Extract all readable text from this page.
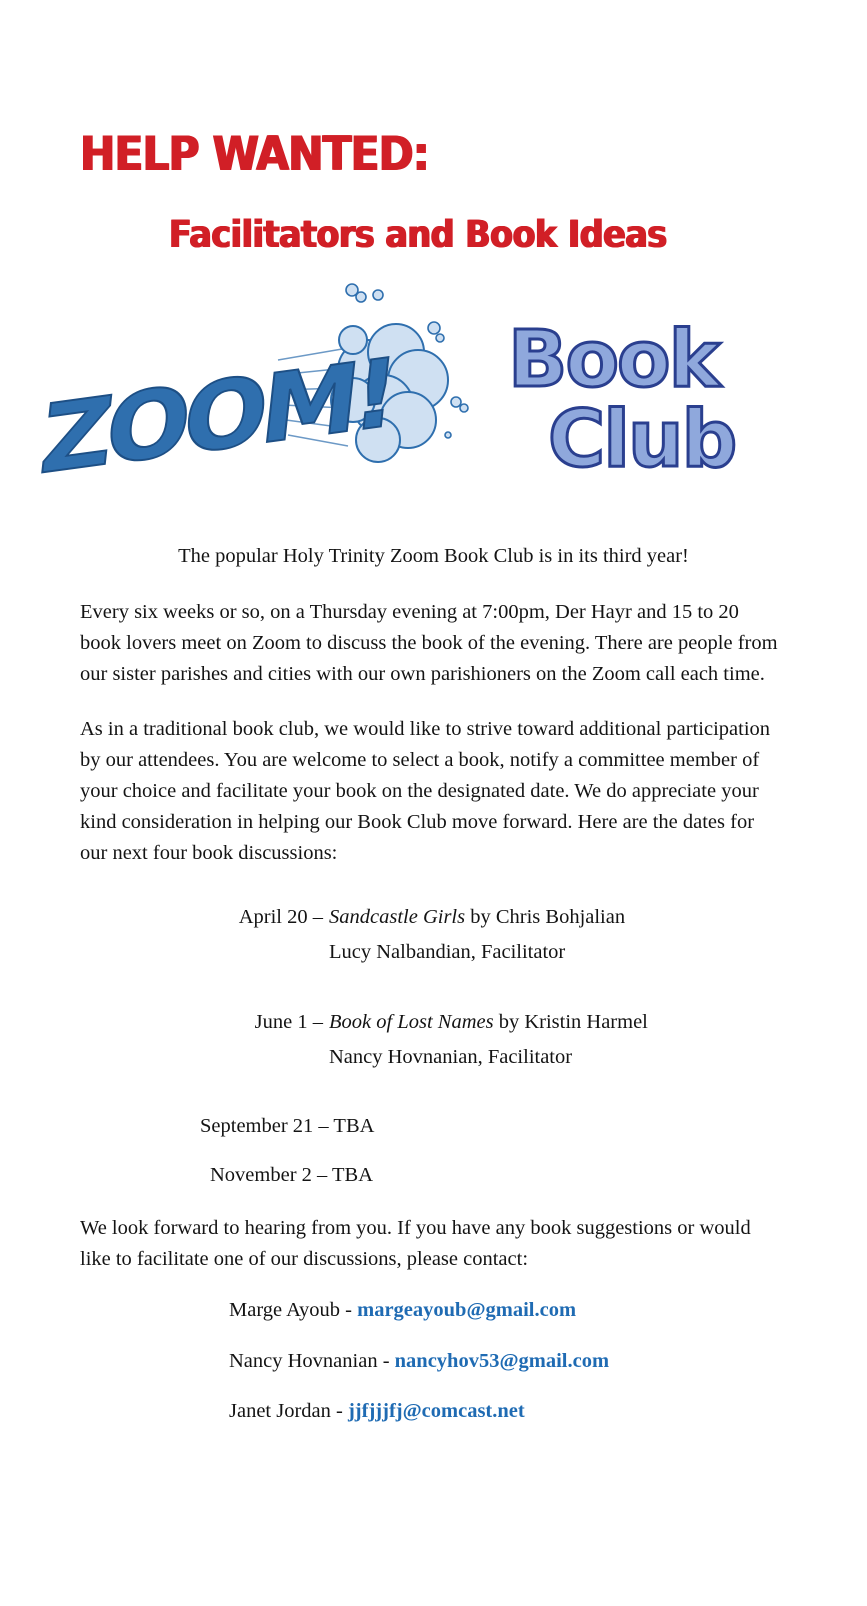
HELP WANTED:
Facilitators and Book Ideas
ZOOM! Book
Club

The popular Holy Trinity Zoom Book Club is in its third year!

Every six weeks or so, on a Thursday evening at 7:00pm, Der Hayr and 15 to 20 book lovers meet on Zoom to discuss the book of the evening. There are people from our sister parishes and cities with our own parishioners on the Zoom call each time.

As in a traditional book club, we would like to strive toward additional participation by our attendees. You are welcome to select a book, notify a committee member of your choice and facilitate your book on the designated date. We do appreciate your kind consideration in helping our Book Club move forward. Here are the dates for our next four book discussions:

April 20 – Sandcastle Girls by Chris Bohjalian
Lucy Nalbandian, Facilitator
June 1 – Book of Lost Names by Kristin Harmel
Nancy Hovnanian, Facilitator
September 21 – TBA
November 2 – TBA

We look forward to hearing from you. If you have any book suggestions or would like to facilitate one of our discussions, please contact:

Marge Ayoub - margeayoub@gmail.com
Nancy Hovnanian - nancyhov53@gmail.com
Janet Jordan - jjfjjjfj@comcast.net
